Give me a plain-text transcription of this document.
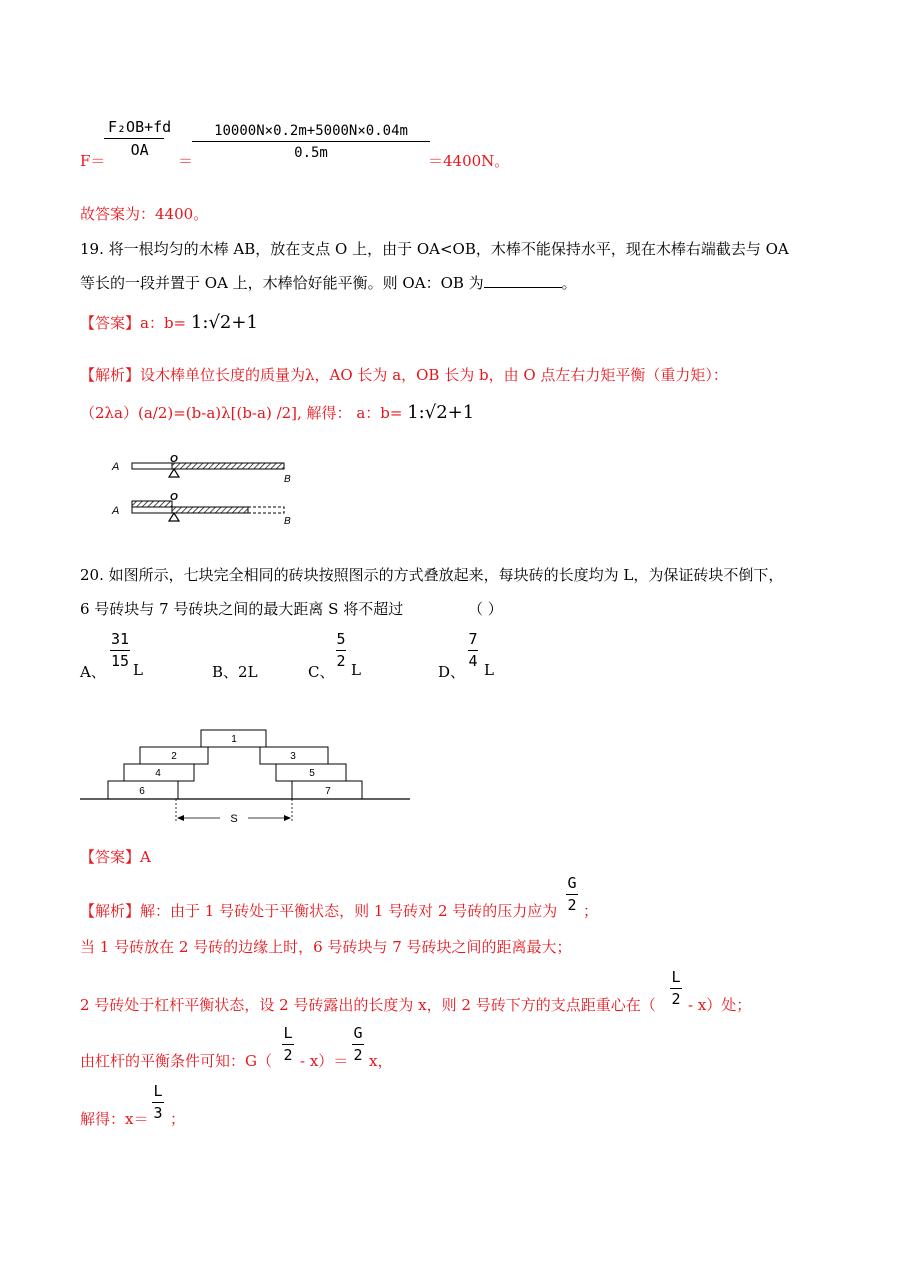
F＝
F₂OB+fd
OA
＝
10000N×0.2m+5000N×0.04m
0.5m	＝4400N。
故答案为：4400。
19. 将一根均匀的木棒 AB，放在支点 O 上，由于 OA<OB，木棒不能保持水平，现在木棒右端截去与 OA
等长的一段并置于 OA 上，木棒恰好能平衡。则 OA：OB 为	。
【答案】a：b= 1:√2+1
【解析】设木棒单位长度的质量为λ，AO 长为 a，OB 长为 b，由 O 点左右力矩平衡（重力矩）：
（2λa）(a/2)=(b-a)λ[(b-a) /2], 解得： a：b= 1:√2+1
A
O
B
A
O
B
20. 如图所示，七块完全相同的砖块按照图示的方式叠放起来，每块砖的长度均为 L，为保证砖块不倒下，
6 号砖块与 7 号砖块之间的最大距离 S 将不超过	（ ）
A、
31
15 L	B、2L	C、
5
2 L	D、
7
4 L
1
2	3
4	5
6	7
S
【答案】A
【解析】解：由于 1 号砖处于平衡状态，则 1 号砖对 2 号砖的压力应为
G
2 ；
当 1 号砖放在 2 号砖的边缘上时，6 号砖块与 7 号砖块之间的距离最大；
2 号砖处于杠杆平衡状态，设 2 号砖露出的长度为 x，则 2 号砖下方的支点距重心在（
L
2 - x）处；
由杠杆的平衡条件可知：G（
L
2 - x）＝
G
2 x，
解得：x＝
L
3 ；
